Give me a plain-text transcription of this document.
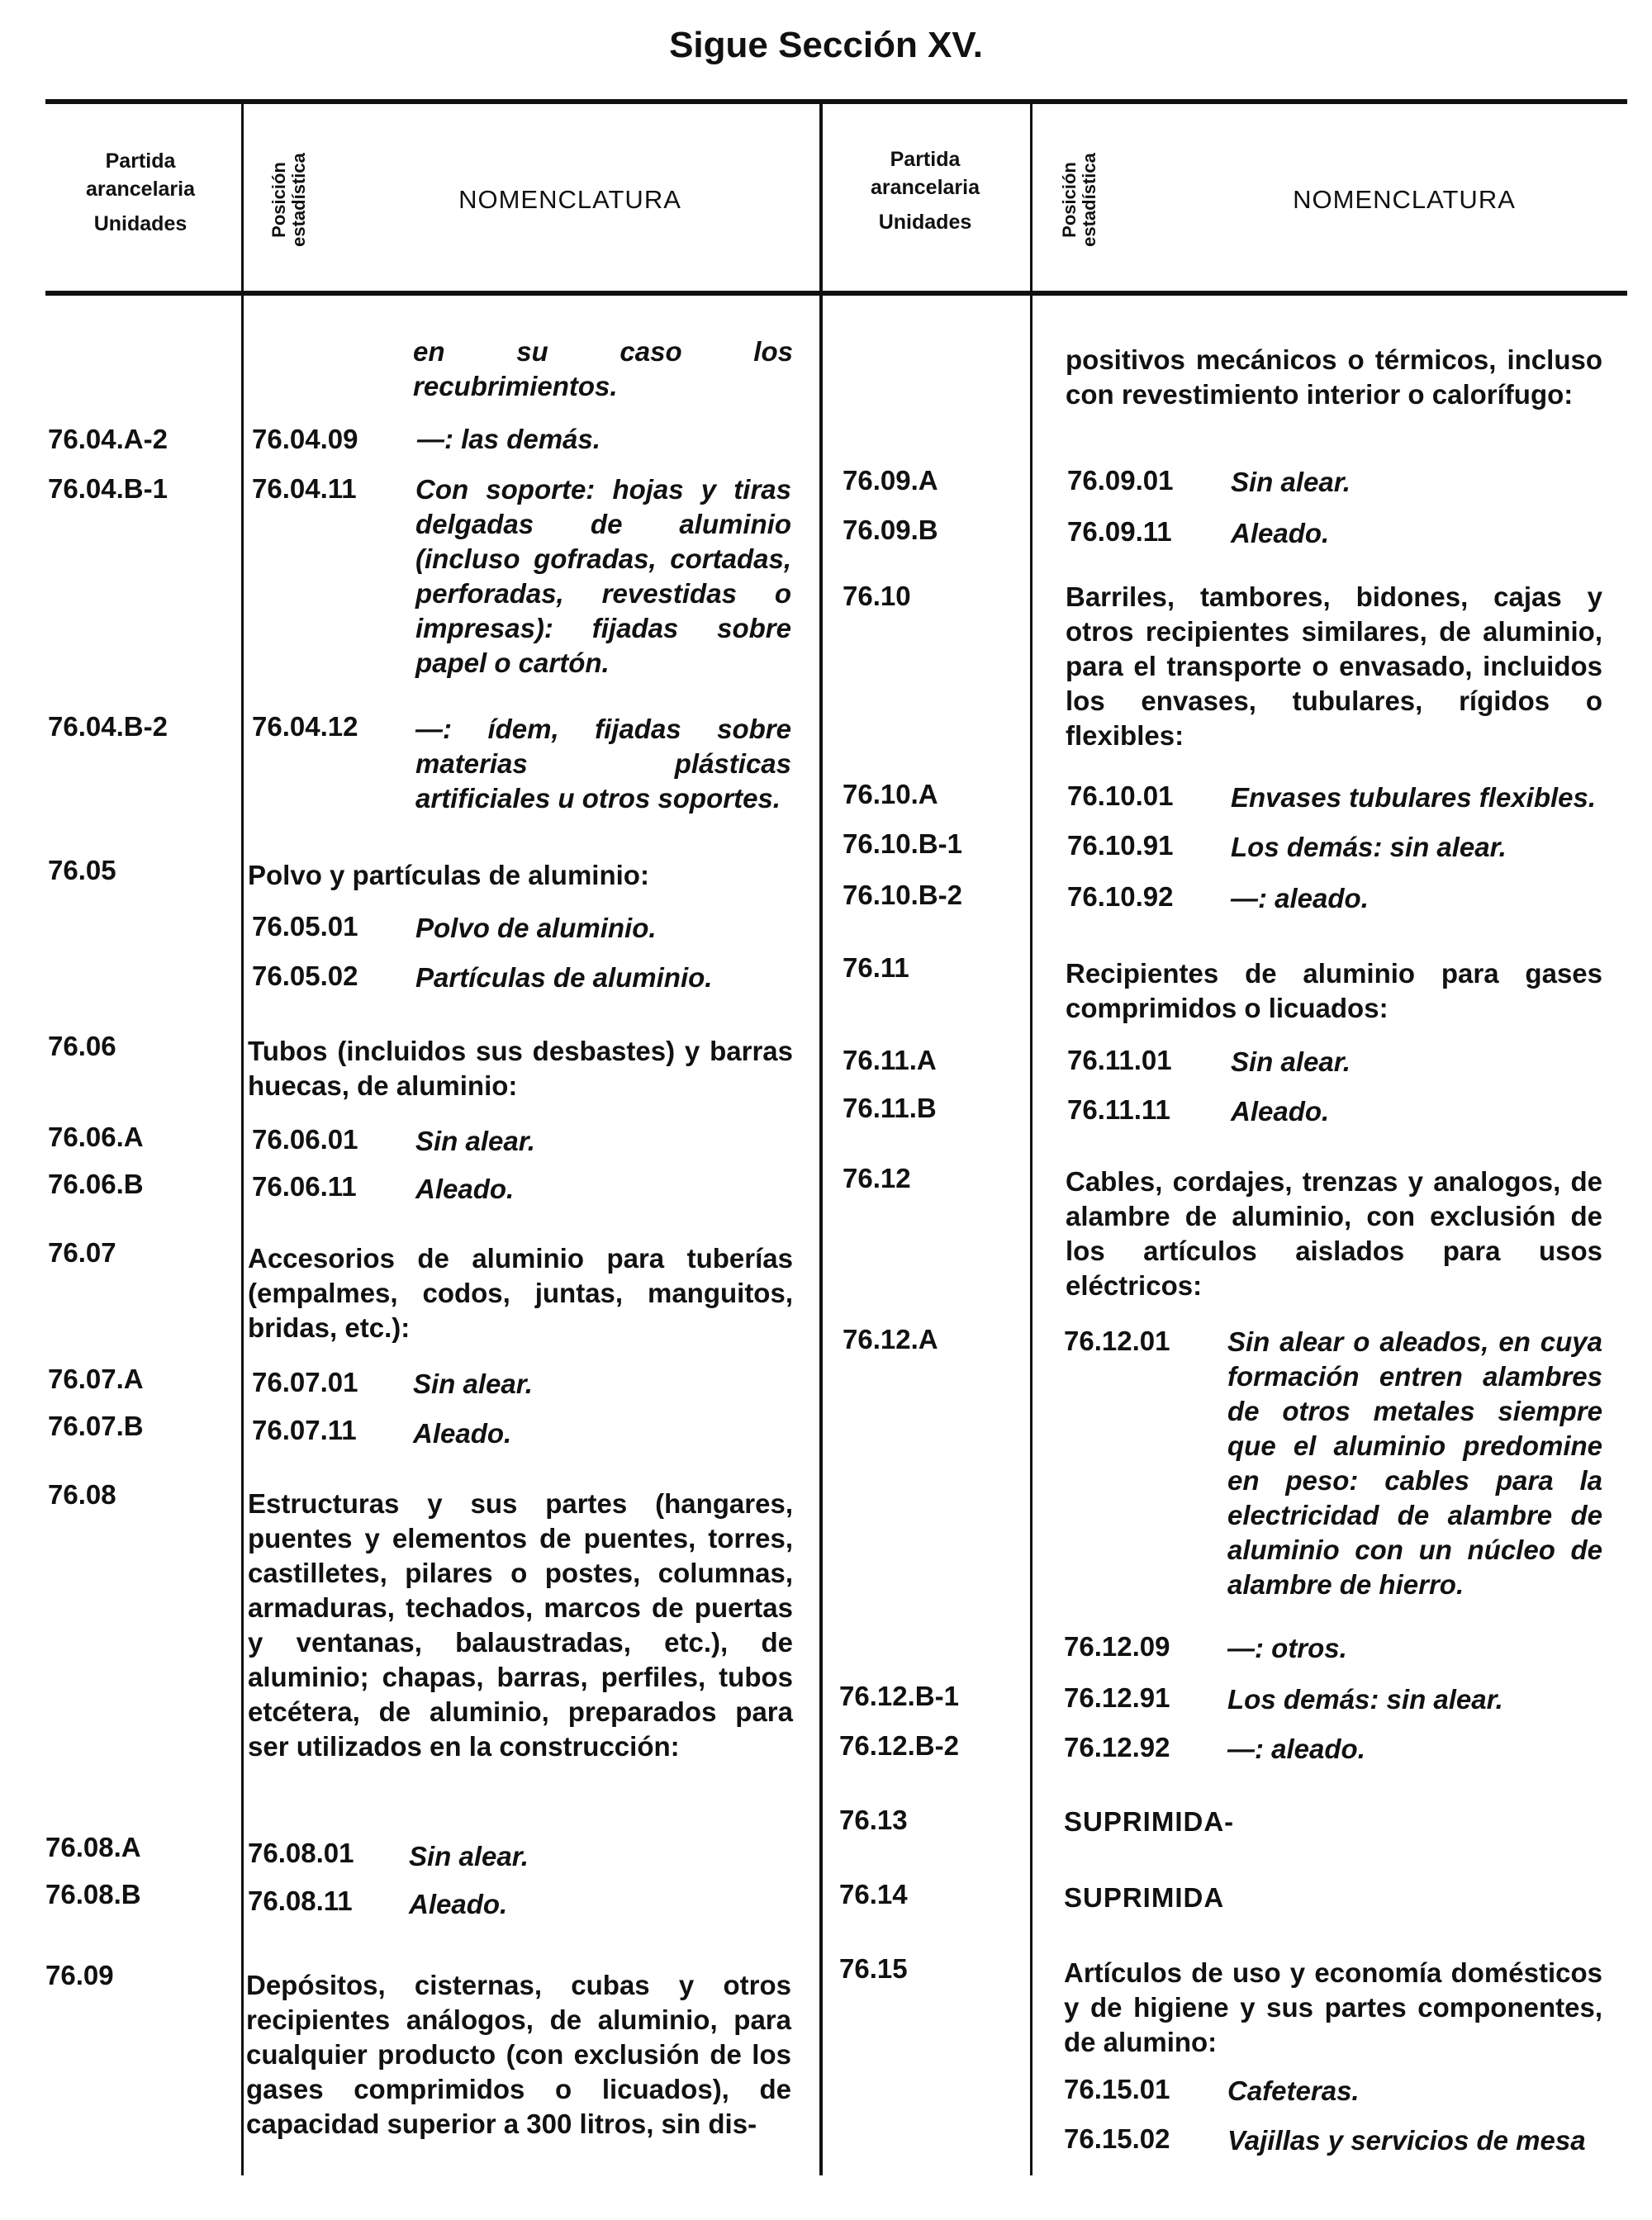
Sigue Sección XV.
Partida
arancelaria
Unidades	Posición estadística	NOMENCLATURA
Partida
arancelaria
Unidades	Posición estadística	NOMENCLATURA
en su caso los recubrimientos.
76.04.A-2	76.04.09 —: las demás.
76.04.B-1	76.04.11 Con soporte: hojas y tiras delgadas de aluminio (incluso gofradas, cortadas, perforadas, revestidas o impresas): fijadas sobre papel o cartón.
76.04.B-2	76.04.12 —: ídem, fijadas sobre materias plásticas artificiales u otros soportes.
76.05	Polvo y partículas de aluminio:
76.05.01 Polvo de aluminio.
76.05.02 Partículas de aluminio.
76.06	Tubos (incluidos sus desbastes) y barras huecas, de aluminio:
76.06.A	76.06.01 Sin alear.
76.06.B	76.06.11 Aleado.
76.07	Accesorios de aluminio para tuberías (empalmes, codos, juntas, manguitos, bridas, etc.):
76.07.A	76.07.01 Sin alear.
76.07.B	76.07.11 Aleado.
76.08	Estructuras y sus partes (hangares, puentes y elementos de puentes, torres, castilletes, pilares o postes, columnas, armaduras, techados, marcos de puertas y ventanas, balaustradas, etc.), de aluminio; chapas, barras, perfiles, tubos etcétera, de aluminio, preparados para ser utilizados en la construcción:
76.08.A	76.08.01 Sin alear.
76.08.B	76.08.11 Aleado.
76.09	Depósitos, cisternas, cubas y otros recipientes análogos, de aluminio, para cualquier producto (con exclusión de los gases comprimidos o licuados), de capacidad superior a 300 litros, sin dis-
positivos mecánicos o térmicos, incluso con revestimiento interior o calorífugo:
76.09.A	76.09.01 Sin alear.
76.09.B	76.09.11 Aleado.
76.10	Barriles, tambores, bidones, cajas y otros recipientes similares, de aluminio, para el transporte o envasado, incluidos los envases, tubulares, rígidos o flexibles:
76.10.A	76.10.01 Envases tubulares flexibles.
76.10.B-1	76.10.91 Los demás: sin alear.
76.10.B-2	76.10.92 —: aleado.
76.11	Recipientes de aluminio para gases comprimidos o licuados:
76.11.A	76.11.01 Sin alear.
76.11.B	76.11.11 Aleado.
76.12	Cables, cordajes, trenzas y analogos, de alambre de aluminio, con exclusión de los artículos aislados para usos eléctricos:
76.12.A	76.12.01 Sin alear o aleados, en cuya formación entren alambres de otros metales siempre que el aluminio predomine en peso: cables para la electricidad de alambre de aluminio con un núcleo de alambre de hierro.
76.12.09 —: otros.
76.12.B-1	76.12.91 Los demás: sin alear.
76.12.B-2	76.12.92 —: aleado.
76.13	SUPRIMIDA-
76.14	SUPRIMIDA
76.15	Artículos de uso y economía domésticos y de higiene y sus partes componentes, de alumino:
76.15.01 Cafeteras.
76.15.02 Vajillas y servicios de mesa
